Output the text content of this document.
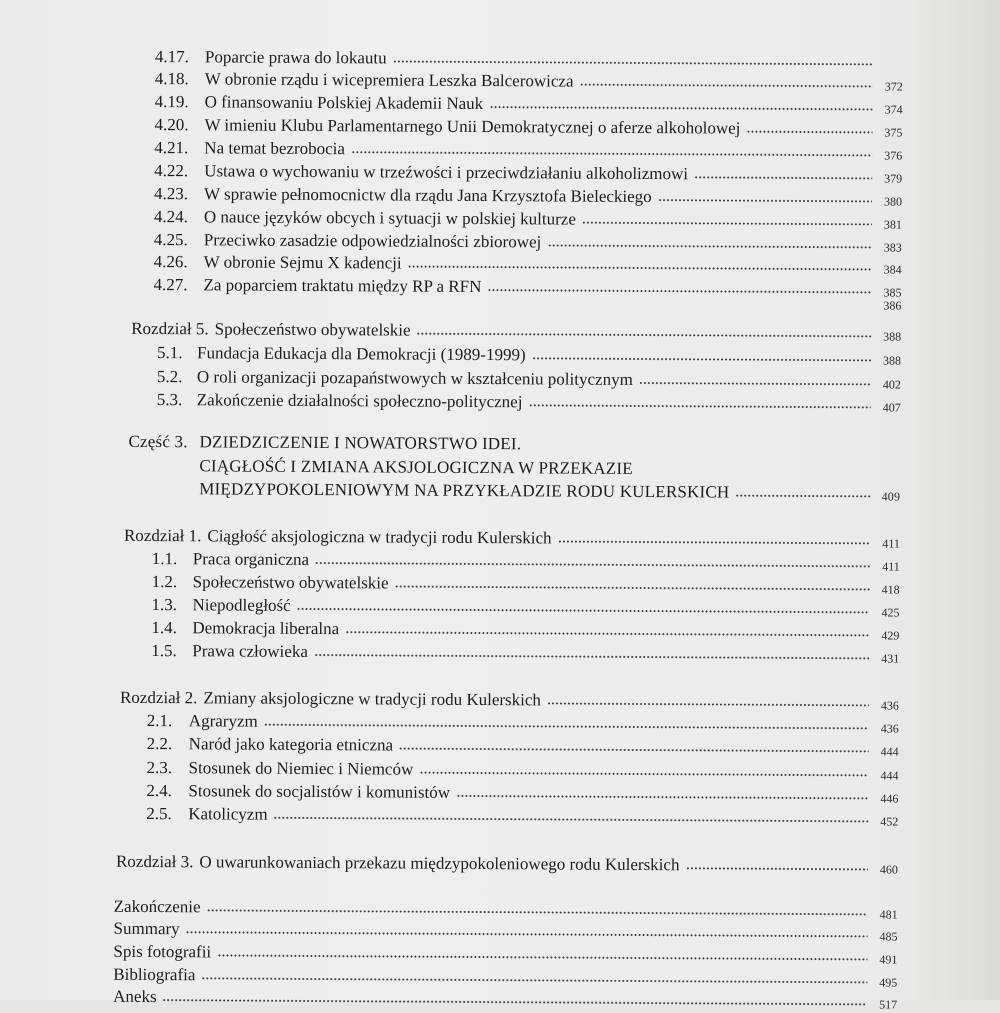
4.17. Poparcie prawa do lokautu
4.18. W obronie rządu i wicepremiera Leszka Balcerowicza	372
4.19. O finansowaniu Polskiej Akademii Nauk	374
4.20. W imieniu Klubu Parlamentarnego Unii Demokratycznej o aferze alkoholowej	375
4.21. Na temat bezrobocia	376
4.22. Ustawa o wychowaniu w trzeźwości i przeciwdziałaniu alkoholizmowi	379
4.23. W sprawie pełnomocnictw dla rządu Jana Krzysztofa Bieleckiego	380
4.24. O nauce języków obcych i sytuacji w polskiej kulturze	381
4.25. Przeciwko zasadzie odpowiedzialności zbiorowej	383
4.26. W obronie Sejmu X kadencji	384
4.27. Za poparciem traktatu między RP a RFN	385
386
Rozdział 5. Społeczeństwo obywatelskie	388
5.1. Fundacja Edukacja dla Demokracji (1989-1999)	388
5.2. O roli organizacji pozapaństwowych w kształceniu politycznym	402
5.3. Zakończenie działalności społeczno-politycznej	407
Część 3. DZIEDZICZENIE I NOWATORSTWO IDEI.
CIĄGŁOŚĆ I ZMIANA AKSJOLOGICZNA W PRZEKAZIE
MIĘDZYPOKOLENIOWYM NA PRZYKŁADZIE RODU KULERSKICH	409
Rozdział 1. Ciągłość aksjologiczna w tradycji rodu Kulerskich	411
1.1. Praca organiczna	411
1.2. Społeczeństwo obywatelskie	418
1.3. Niepodległość	425
1.4. Demokracja liberalna	429
1.5. Prawa człowieka	431
Rozdział 2. Zmiany aksjologiczne w tradycji rodu Kulerskich	436
2.1. Agraryzm	436
2.2. Naród jako kategoria etniczna	444
2.3. Stosunek do Niemiec i Niemców	444
2.4. Stosunek do socjalistów i komunistów	446
2.5. Katolicyzm	452
Rozdział 3. O uwarunkowaniach przekazu międzypokoleniowego rodu Kulerskich	460
Zakończenie	481
Summary	485
Spis fotografii	491
Bibliografia	495
Aneks	517
